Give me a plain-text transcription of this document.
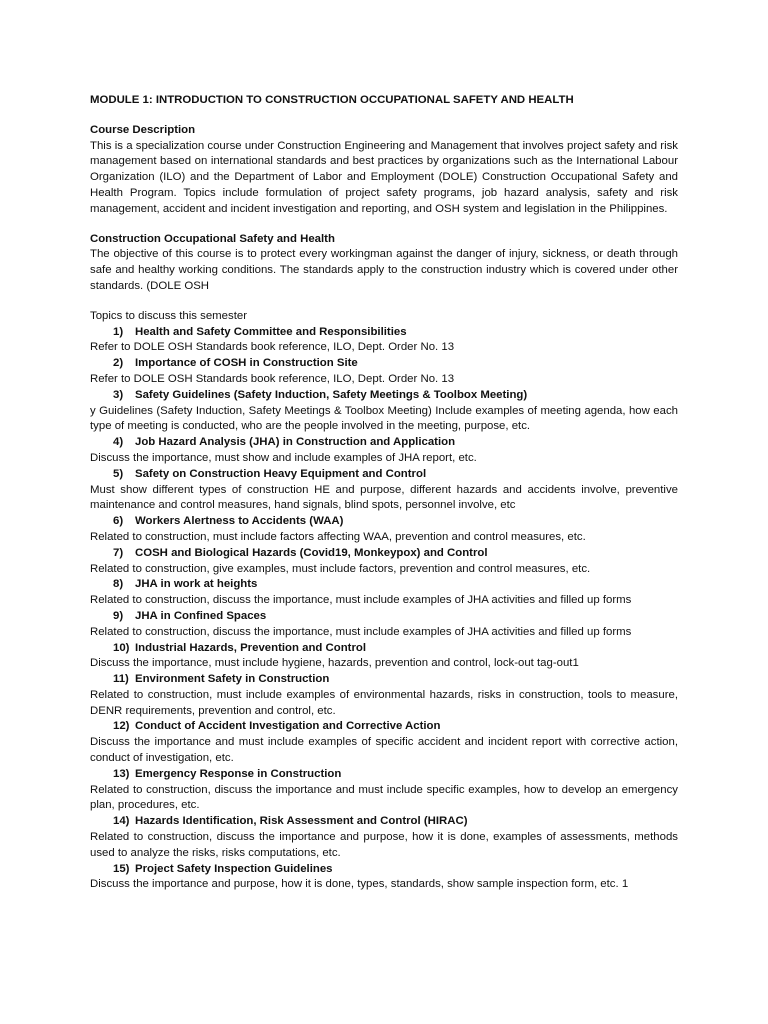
MODULE 1: INTRODUCTION TO CONSTRUCTION OCCUPATIONAL SAFETY AND HEALTH

Course Description

This is a specialization course under Construction Engineering and Management that involves project safety and risk management based on international standards and best practices by organizations such as the International Labour Organization (ILO) and the Department of Labor and Employment (DOLE) Construction Occupational Safety and Health Program. Topics include formulation of project safety programs, job hazard analysis, safety and risk management, accident and incident investigation and reporting, and OSH system and legislation in the Philippines.

Construction Occupational Safety and Health

The objective of this course is to protect every workingman against the danger of injury, sickness, or death through safe and healthy working conditions. The standards apply to the construction industry which is covered under other standards. (DOLE OSH

Topics to discuss this semester

1) Health and Safety Committee and Responsibilities

Refer to DOLE OSH Standards book reference, ILO, Dept. Order No. 13

2) Importance of COSH in Construction Site

Refer to DOLE OSH Standards book reference, ILO, Dept. Order No. 13

3) Safety Guidelines (Safety Induction, Safety Meetings & Toolbox Meeting)

y Guidelines (Safety Induction, Safety Meetings & Toolbox Meeting) Include examples of meeting agenda, how each type of meeting is conducted, who are the people involved in the meeting, purpose, etc.

4) Job Hazard Analysis (JHA) in Construction and Application

Discuss the importance, must show and include examples of JHA report, etc.

5) Safety on Construction Heavy Equipment and Control

Must show different types of construction HE and purpose, different hazards and accidents involve, preventive maintenance and control measures, hand signals, blind spots, personnel involve, etc

6) Workers Alertness to Accidents (WAA)

Related to construction, must include factors affecting WAA, prevention and control measures, etc.

7) COSH and Biological Hazards (Covid19, Monkeypox) and Control

Related to construction, give examples, must include factors, prevention and control measures, etc.

8) JHA in work at heights

Related to construction, discuss the importance, must include examples of JHA activities and filled up forms

9) JHA in Confined Spaces

Related to construction, discuss the importance, must include examples of JHA activities and filled up forms

10) Industrial Hazards, Prevention and Control

Discuss the importance, must include hygiene, hazards, prevention and control, lock-out tag-out1

11) Environment Safety in Construction

Related to construction, must include examples of environmental hazards, risks in construction, tools to measure, DENR requirements, prevention and control, etc.

12) Conduct of Accident Investigation and Corrective Action

Discuss the importance and must include examples of specific accident and incident report with corrective action, conduct of investigation, etc.

13) Emergency Response in Construction

Related to construction, discuss the importance and must include specific examples, how to develop an emergency plan, procedures, etc.

14) Hazards Identification, Risk Assessment and Control (HIRAC)

Related to construction, discuss the importance and purpose, how it is done, examples of assessments, methods used to analyze the risks, risks computations, etc.

15) Project Safety Inspection Guidelines

Discuss the importance and purpose, how it is done, types, standards, show sample inspection form, etc. 1
